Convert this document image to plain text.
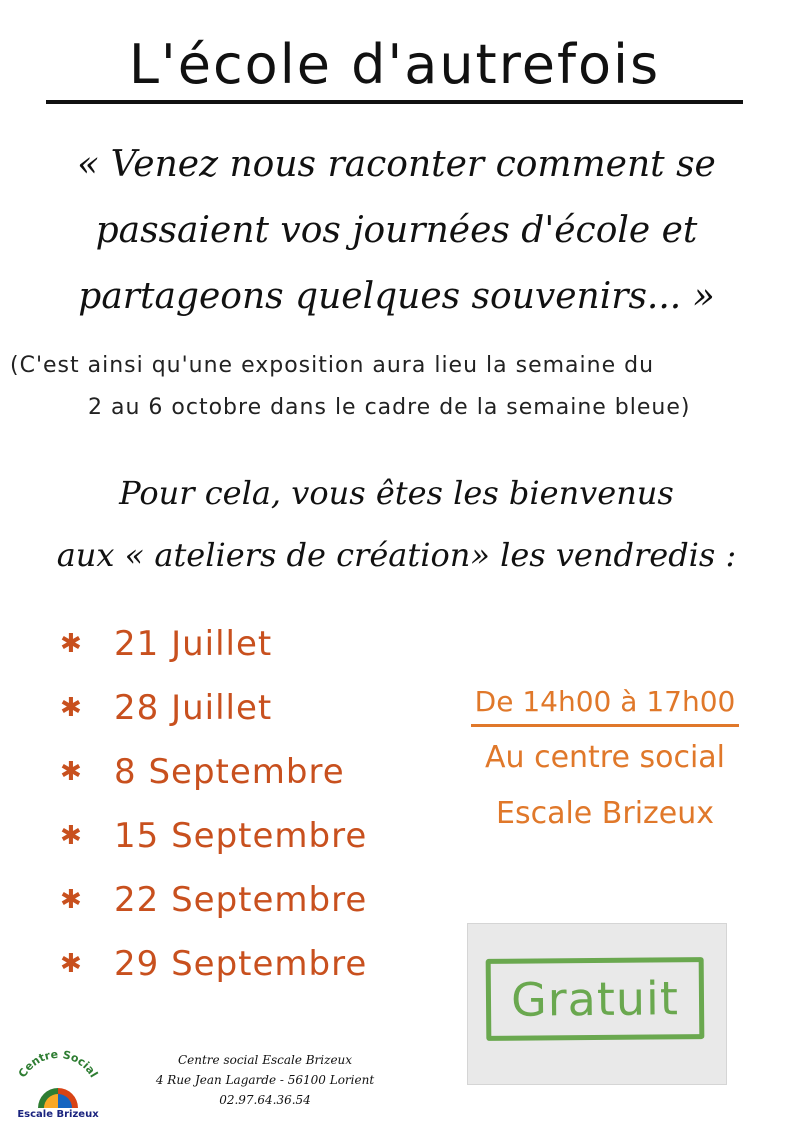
L'école d'autrefois
« Venez nous raconter comment se
passaient vos journées d'école et
partageons quelques souvenirs... »
(C'est ainsi qu'une exposition aura lieu la semaine du
2 au 6 octobre dans le cadre de la semaine bleue)
Pour cela, vous êtes les bienvenus
aux « ateliers de création» les vendredis :
✱ 21 Juillet
✱ 28 Juillet
✱ 8 Septembre
✱ 15 Septembre
✱ 22 Septembre
✱ 29 Septembre
De 14h00 à 17h00
Au centre social
Escale Brizeux
Gratuit
Centre Social
Escale Brizeux
Centre social Escale Brizeux
4 Rue Jean Lagarde - 56100 Lorient
02.97.64.36.54
